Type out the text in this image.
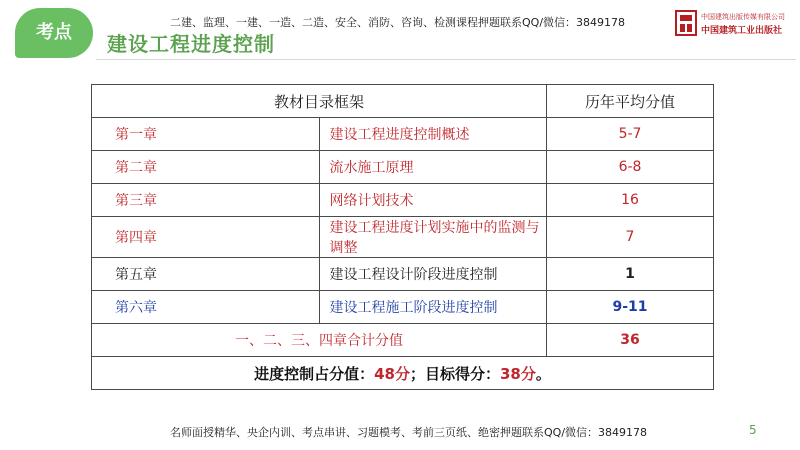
考点	建设工程进度控制
二建、监理、一建、一造、二造、安全、消防、咨询、检测课程押题联系QQ/微信：3849178	中国建筑出版传媒有限公司
中国建筑工业出版社
教材目录框架		历年平均分值
第一章	建设工程进度控制概述	5-7
第二章	流水施工原理	6-8
第三章	网络计划技术	16
第四章	建设工程进度计划实施中的监测与调整	7
第五章	建设工程设计阶段进度控制	1
第六章	建设工程施工阶段进度控制	9-11
一、二、三、四章合计分值		36
进度控制占分值：48分；目标得分：38分。		
名师面授精华、央企内训、考点串讲、习题模考、考前三页纸、绝密押题联系QQ/微信：3849178	5
